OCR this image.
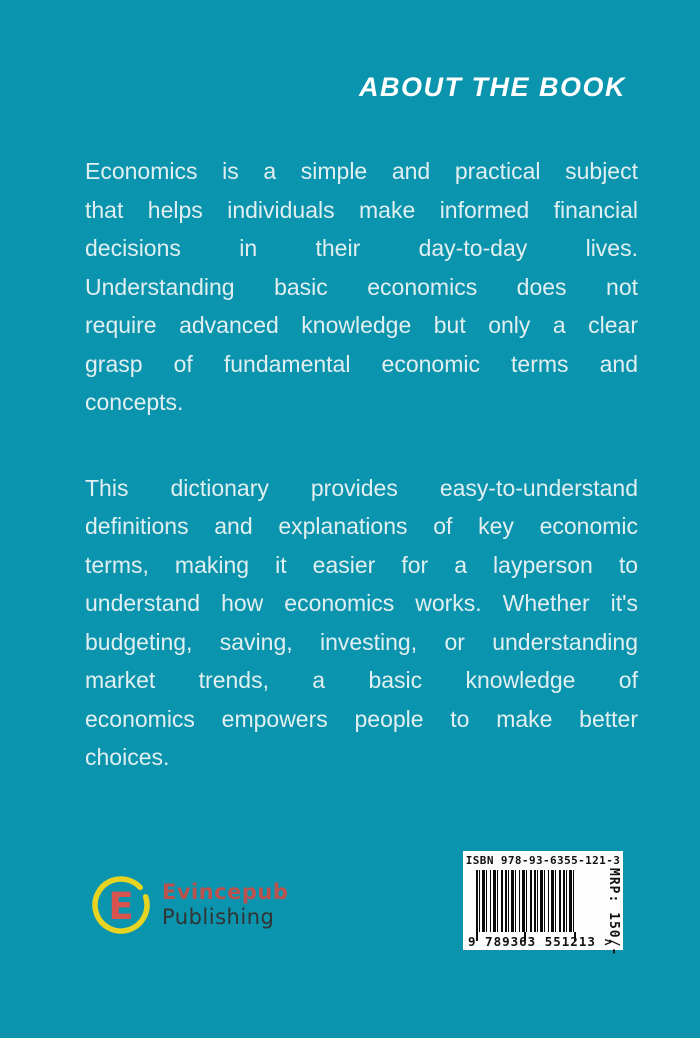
ABOUT THE BOOK
Economics is a simple and practical subject
that helps individuals make informed financial
decisions in their day-to-day lives.
Understanding basic economics does not
require advanced knowledge but only a clear
grasp of fundamental economic terms and
concepts.
This dictionary provides easy-to-understand
definitions and explanations of key economic
terms, making it easier for a layperson to
understand how economics works. Whether it's
budgeting, saving, investing, or understanding
market trends, a basic knowledge of
economics empowers people to make better
choices.
E	Evincepub
Publishing
ISBN 978-93-6355-121-3
9 789363 551213 >
MRP: 150/-
